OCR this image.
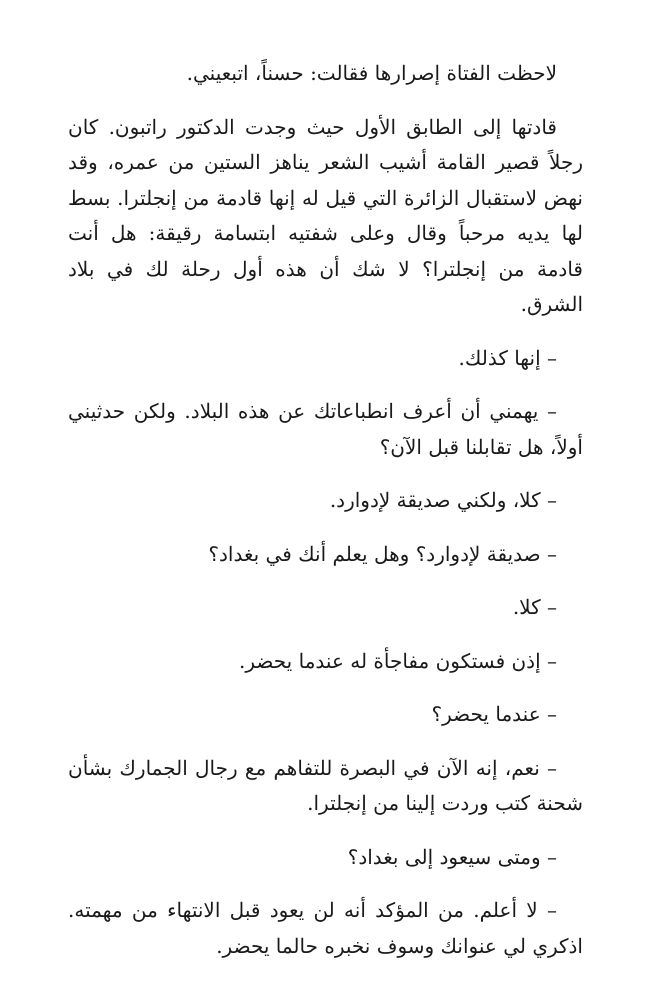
لاحظت الفتاة إصرارها فقالت: حسناً، اتبعيني.

قادتها إلى الطابق الأول حيث وجدت الدكتور راتبون. كان رجلاً قصير القامة أشيب الشعر يناهز الستين من عمره، وقد نهض لاستقبال الزائرة التي قيل له إنها قادمة من إنجلترا. بسط لها يديه مرحباً وقال وعلى شفتيه ابتسامة رقيقة: هل أنت قادمة من إنجلترا؟ لا شك أن هذه أول رحلة لك في بلاد الشرق.

– إنها كذلك.

– يهمني أن أعرف انطباعاتك عن هذه البلاد. ولكن حدثيني أولاً، هل تقابلنا قبل الآن؟

– كلا، ولكني صديقة لإدوارد.

– صديقة لإدوارد؟ وهل يعلم أنك في بغداد؟

– كلا.

– إذن فستكون مفاجأة له عندما يحضر.

– عندما يحضر؟

– نعم، إنه الآن في البصرة للتفاهم مع رجال الجمارك بشأن شحنة كتب وردت إلينا من إنجلترا.

– ومتى سيعود إلى بغداد؟

– لا أعلم. من المؤكد أنه لن يعود قبل الانتهاء من مهمته. اذكري لي عنوانك وسوف نخبره حالما يحضر.
